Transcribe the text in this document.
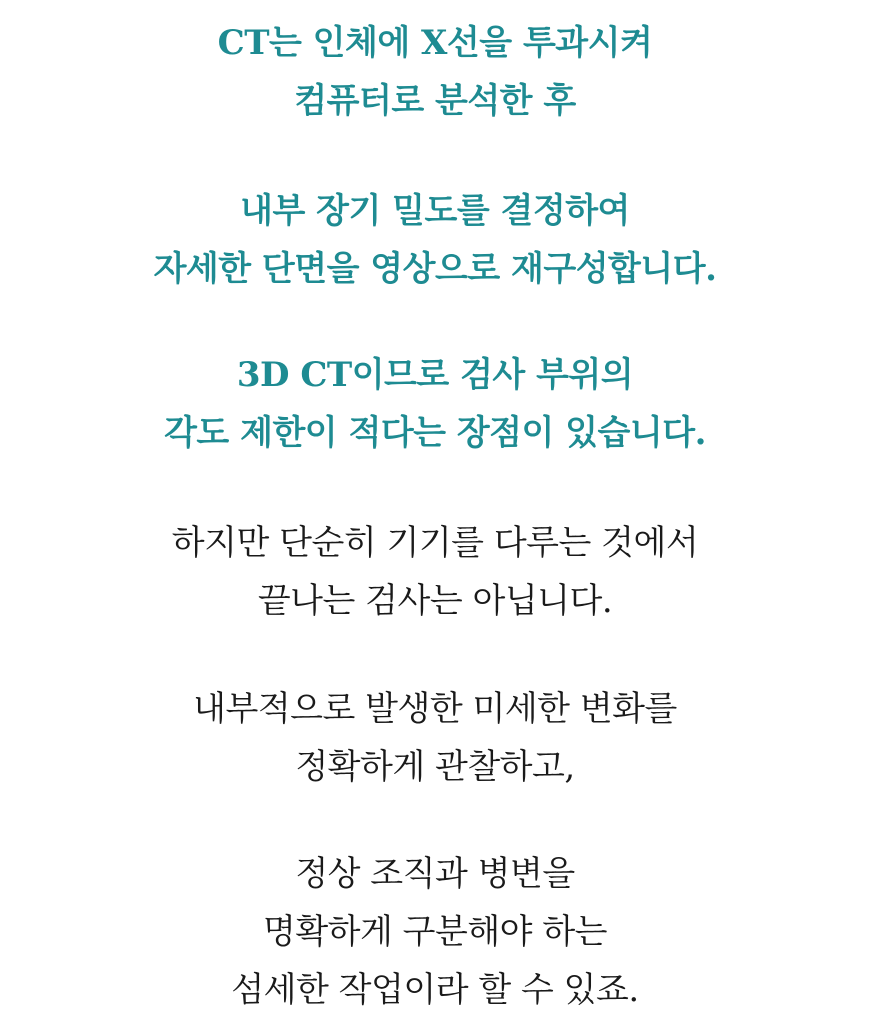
CT는 인체에 X선을 투과시켜
컴퓨터로 분석한 후

내부 장기 밀도를 결정하여
자세한 단면을 영상으로 재구성합니다.

3D CT이므로 검사 부위의
각도 제한이 적다는 장점이 있습니다.

하지만 단순히 기기를 다루는 것에서
끝나는 검사는 아닙니다.

내부적으로 발생한 미세한 변화를
정확하게 관찰하고,

정상 조직과 병변을
명확하게 구분해야 하는
섬세한 작업이라 할 수 있죠.
